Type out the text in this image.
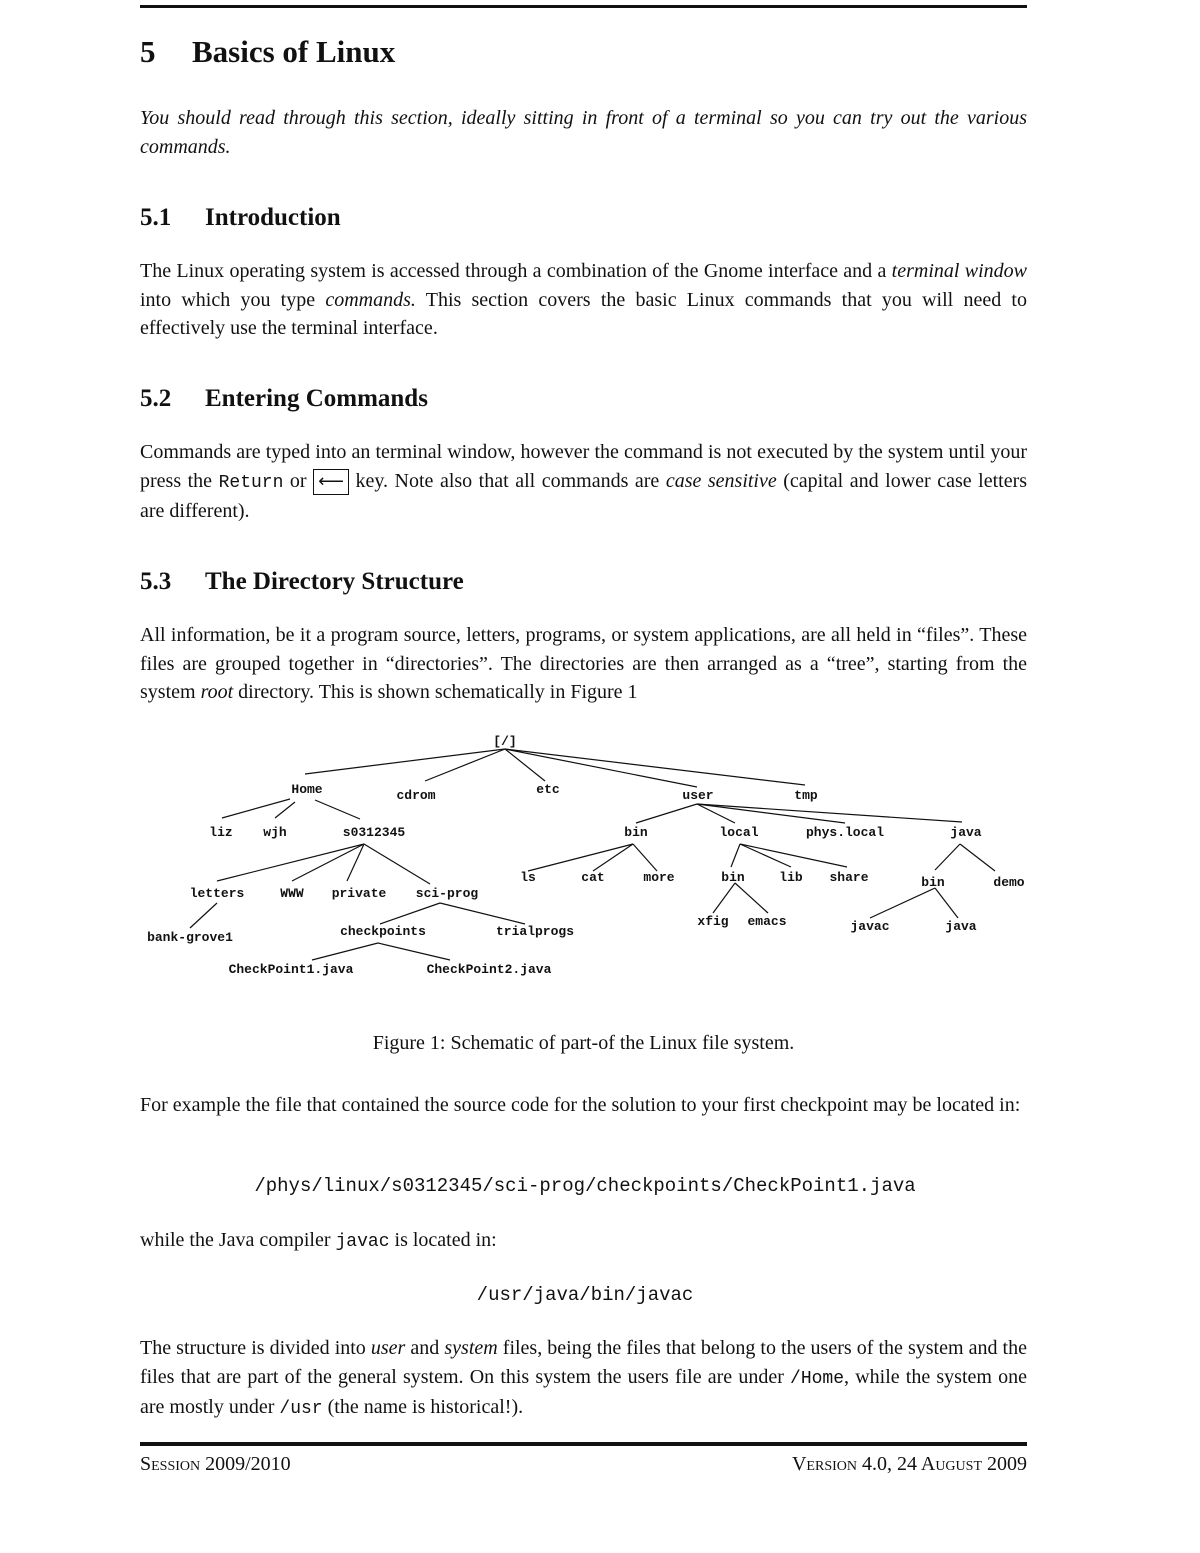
5 Basics of Linux

You should read through this section, ideally sitting in front of a terminal so you can try out the various commands.

5.1 Introduction

The Linux operating system is accessed through a combination of the Gnome interface and a terminal window into which you type commands. This section covers the basic Linux commands that you will need to effectively use the terminal interface.

5.2 Entering Commands

Commands are typed into an terminal window, however the command is not executed by the system until your press the Return or ⟵ key. Note also that all commands are case sensitive (capital and lower case letters are different).

5.3 The Directory Structure

All information, be it a program source, letters, programs, or system applications, are all held in “files”. These files are grouped together in “directories”. The directories are then arranged as a “tree”, starting from the system root directory. This is shown schematically in Figure 1

[/]
Home	cdrom	etc	user	tmp
liz wjh	s0312345	bin	local	phys.local	java
letters	WWW private sci-prog
ls	cat	more	bin	lib share	bin	demo
bank-grove1	checkpoints	trialprogs
xfig emacs	javac	java
CheckPoint1.java	CheckPoint2.java

Figure 1: Schematic of part-of the Linux file system.

For example the file that contained the source code for the solution to your first checkpoint may be located in:

/phys/linux/s0312345/sci-prog/checkpoints/CheckPoint1.java

while the Java compiler javac is located in:

/usr/java/bin/javac

The structure is divided into user and system files, being the files that belong to the users of the system and the files that are part of the general system. On this system the users file are under /Home, while the system one are mostly under /usr (the name is historical!).

Session 2009/2010	Version 4.0, 24 August 2009
